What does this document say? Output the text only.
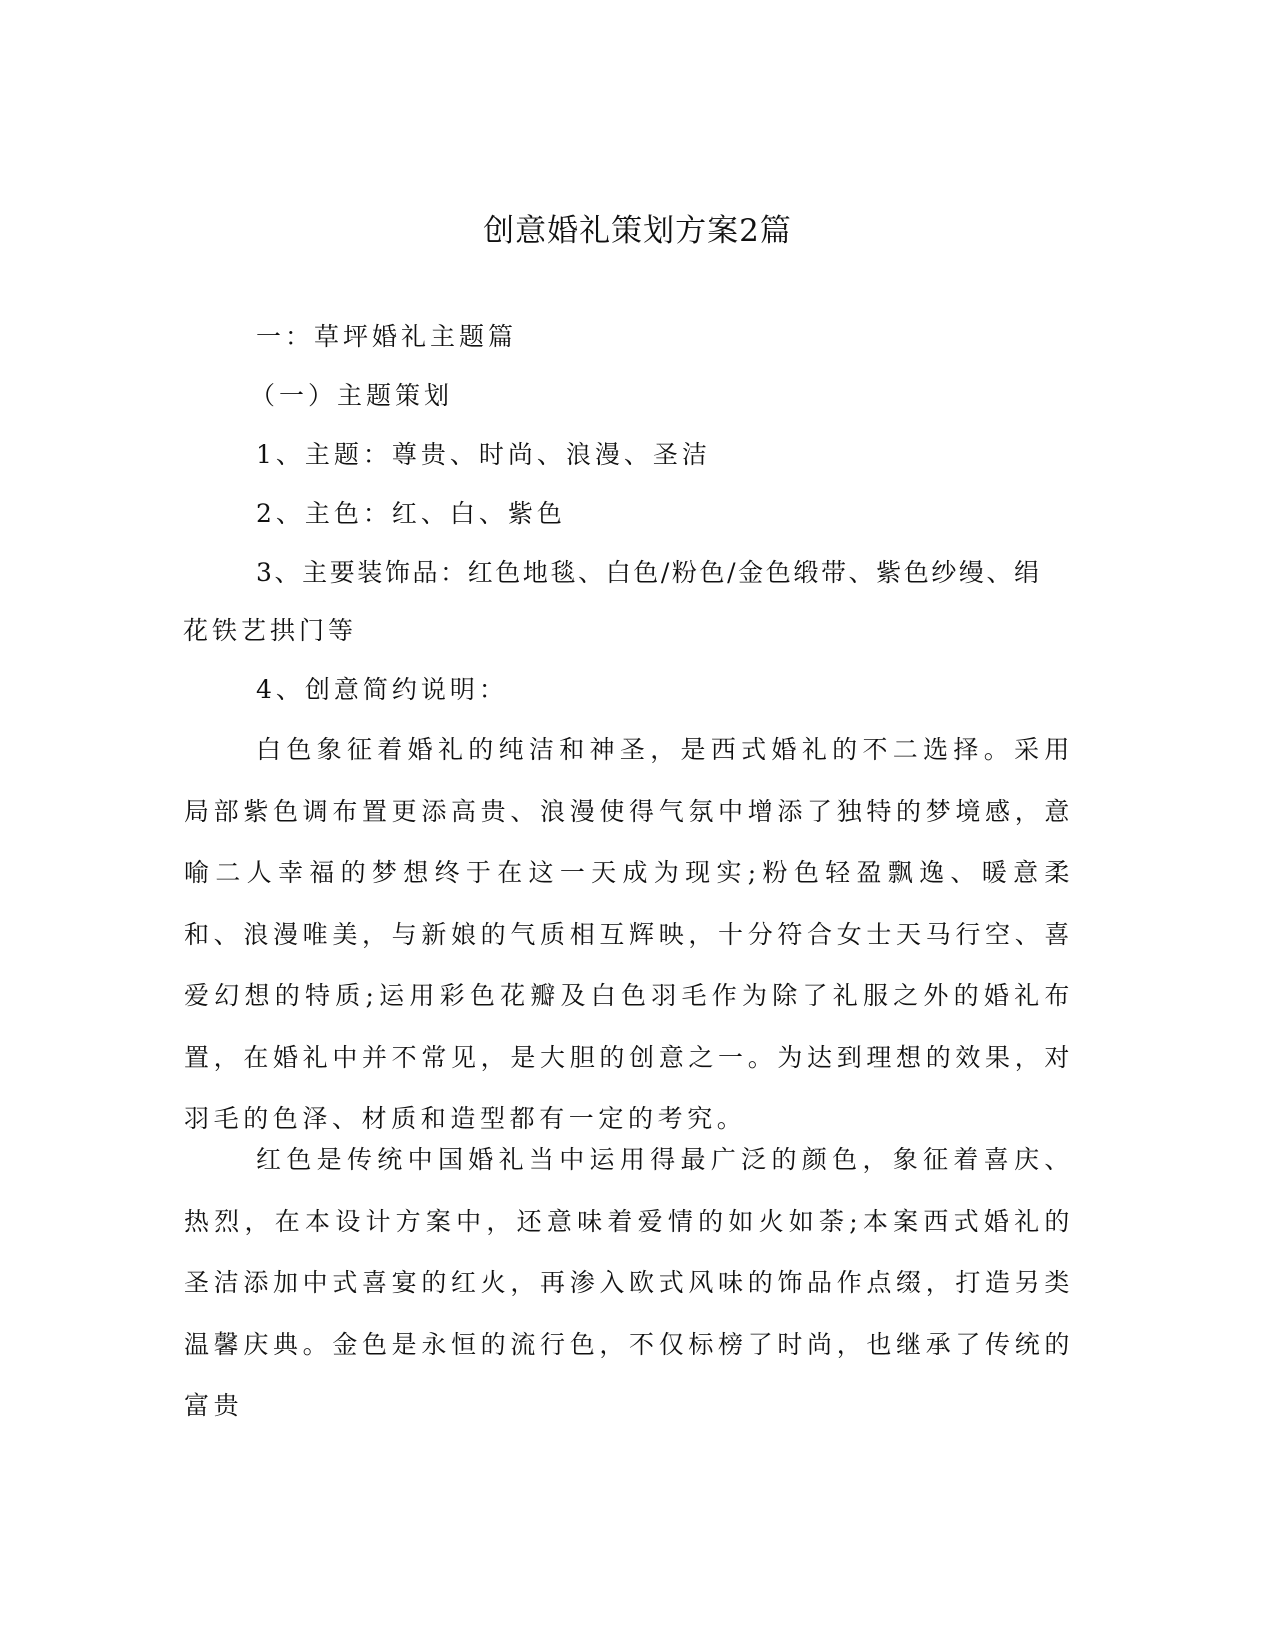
创意婚礼策划方案2篇

一：草坪婚礼主题篇

（一）主题策划

1、主题：尊贵、时尚、浪漫、圣洁

2、主色：红、白、紫色

3、主要装饰品：红色地毯、白色/粉色/金色缎带、紫色纱缦、绢

花铁艺拱门等

4、创意简约说明：

白色象征着婚礼的纯洁和神圣，是西式婚礼的不二选择。采用局部紫色调布置更添高贵、浪漫使得气氛中增添了独特的梦境感，意喻二人幸福的梦想终于在这一天成为现实;粉色轻盈飘逸、暖意柔和、浪漫唯美，与新娘的气质相互辉映，十分符合女士天马行空、喜爱幻想的特质;运用彩色花瓣及白色羽毛作为除了礼服之外的婚礼布置，在婚礼中并不常见，是大胆的创意之一。为达到理想的效果，对羽毛的色泽、材质和造型都有一定的考究。

红色是传统中国婚礼当中运用得最广泛的颜色，象征着喜庆、热烈，在本设计方案中，还意味着爱情的如火如荼;本案西式婚礼的圣洁添加中式喜宴的红火，再渗入欧式风味的饰品作点缀，打造另类温馨庆典。金色是永恒的流行色，不仅标榜了时尚，也继承了传统的富贵
